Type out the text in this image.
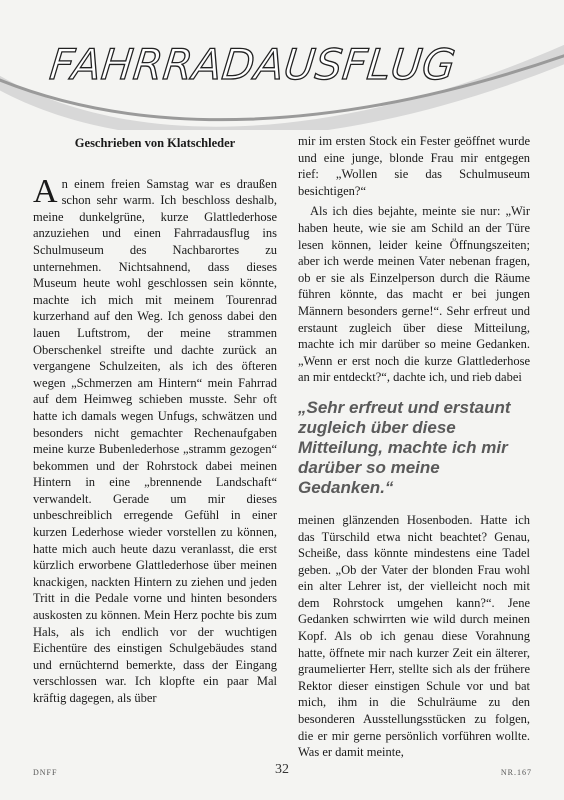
FAHRRADAUSFLUG
Geschrieben von Klatschleder

An einem freien Samstag war es draußen schon sehr warm. Ich beschloss deshalb, meine dunkelgrüne, kurze Glattlederhose anzuziehen und einen Fahrradausflug ins Schulmuseum des Nachbarortes zu unternehmen. Nichtsahnend, dass dieses Museum heute wohl geschlossen sein könnte, machte ich mich mit meinem Tourenrad kurzerhand auf den Weg. Ich genoss dabei den lauen Luftstrom, der meine strammen Oberschenkel streifte und dachte zurück an vergangene Schulzeiten, als ich des öfteren wegen „Schmerzen am Hintern“ mein Fahrrad auf dem Heimweg schieben musste. Sehr oft hatte ich damals wegen Unfugs, schwätzen und besonders nicht gemachter Rechenaufgaben meine kurze Bubenlederhose „stramm gezogen“ bekommen und der Rohrstock dabei meinen Hintern in eine „brennende Landschaft“ verwandelt. Gerade um mir dieses unbeschreiblich erregende Gefühl in einer kurzen Lederhose wieder vorstellen zu können, hatte mich auch heute dazu veranlasst, die erst kürzlich erworbene Glattlederhose über meinen knackigen, nackten Hintern zu ziehen und jeden Tritt in die Pedale vorne und hinten besonders auskosten zu können. Mein Herz pochte bis zum Hals, als ich endlich vor der wuchtigen Eichentüre des einstigen Schulgebäudes stand und ernüchternd bemerkte, dass der Eingang verschlossen war. Ich klopfte ein paar Mal kräftig dagegen, als über

mir im ersten Stock ein Fester geöffnet wurde und eine junge, blonde Frau mir entgegen rief: „Wollen sie das Schulmuseum besichtigen?“

Als ich dies bejahte, meinte sie nur: „Wir haben heute, wie sie am Schild an der Türe lesen können, leider keine Öffnungszeiten; aber ich werde meinen Vater nebenan fragen, ob er sie als Einzelperson durch die Räume führen könnte, das macht er bei jungen Männern besonders gerne!“. Sehr erfreut und erstaunt zugleich über diese Mitteilung, machte ich mir darüber so meine Gedanken. „Wenn er erst noch die kurze Glattlederhose an mir entdeckt?“, dachte ich, und rieb dabei

„Sehr erfreut und erstaunt zugleich über diese Mitteilung, machte ich mir darüber so meine Gedanken.“

meinen glänzenden Hosenboden. Hatte ich das Türschild etwa nicht beachtet? Genau, Scheiße, dass könnte mindestens eine Tadel geben. „Ob der Vater der blonden Frau wohl ein alter Lehrer ist, der vielleicht noch mit dem Rohrstock umgehen kann?“. Jene Gedanken schwirrten wie wild durch meinen Kopf. Als ob ich genau diese Vorahnung hatte, öffnete mir nach kurzer Zeit ein älterer, graumelierter Herr, stellte sich als der frühere Rektor dieser einstigen Schule vor und bat mich, ihm in die Schulräume zu den besonderen Ausstellungsstücken zu folgen, die er mir gerne persönlich vorführen wollte. Was er damit meinte,

DNFF	32	NR.167
